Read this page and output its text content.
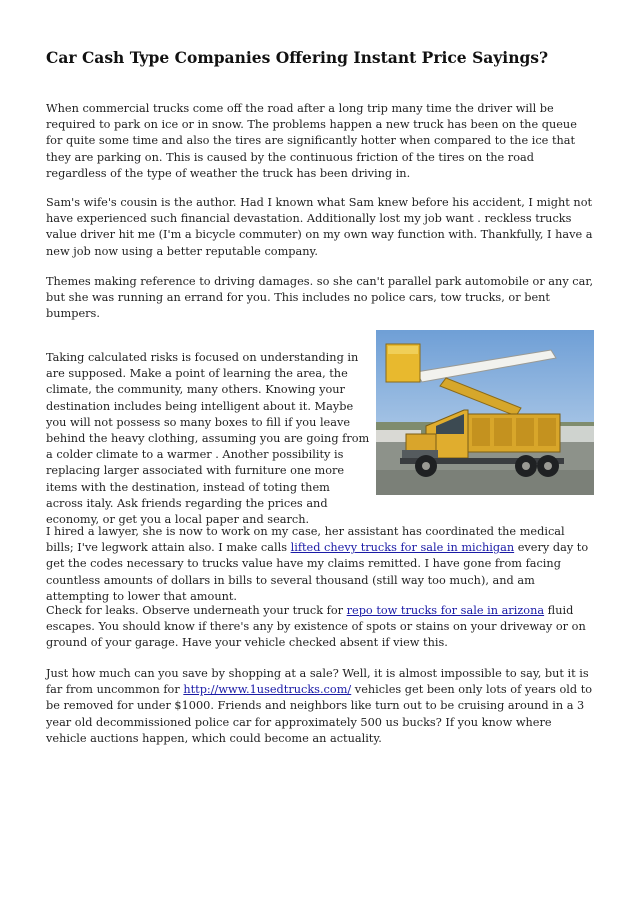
Car Cash Type Companies Offering Instant Price Sayings?

When commercial trucks come off the road after a long trip many time the driver will be required to park on ice or in snow. The problems happen a new truck has been on the queue for quite some time and also the tires are significantly hotter when compared to the ice that they are parking on. This is caused by the continuous friction of the tires on the road regardless of the type of weather the truck has been driving in.

Sam's wife's cousin is the author. Had I known what Sam knew before his accident, I might not have experienced such financial devastation. Additionally lost my job want . reckless trucks value driver hit me (I'm a bicycle commuter) on my own way function with. Thankfully, I have a new job now using a better reputable company.

Themes making reference to driving damages. so she can't parallel park automobile or any car, but she was running an errand for you. This includes no police cars, tow trucks, or bent bumpers.

Taking calculated risks is focused on understanding in are supposed. Make a point of learning the area, the climate, the community, many others. Knowing your destination includes being intelligent about it. Maybe you will not possess so many boxes to fill if you leave behind the heavy clothing, assuming you are going from a colder climate to a warmer . Another possibility is replacing larger associated with furniture one more items with the destination, instead of toting them across italy. Ask friends regarding the prices and economy, or get you a local paper and search.

I hired a lawyer, she is now to work on my case, her assistant has coordinated the medical bills; I've legwork attain also. I make calls lifted chevy trucks for sale in michigan every day to get the codes necessary to trucks value have my claims remitted. I have gone from facing countless amounts of dollars in bills to several thousand (still way too much), and am attempting to lower that amount.

Check for leaks. Observe underneath your truck for repo tow trucks for sale in arizona fluid escapes. You should know if there's any by existence of spots or stains on your driveway or on ground of your garage. Have your vehicle checked absent if view this.

Just how much can you save by shopping at a sale? Well, it is almost impossible to say, but it is far from uncommon for http://www.1usedtrucks.com/ vehicles get been only lots of years old to be removed for under $1000. Friends and neighbors like turn out to be cruising around in a 3 year old decommissioned police car for approximately 500 us bucks? If you know where vehicle auctions happen, which could become an actuality.
